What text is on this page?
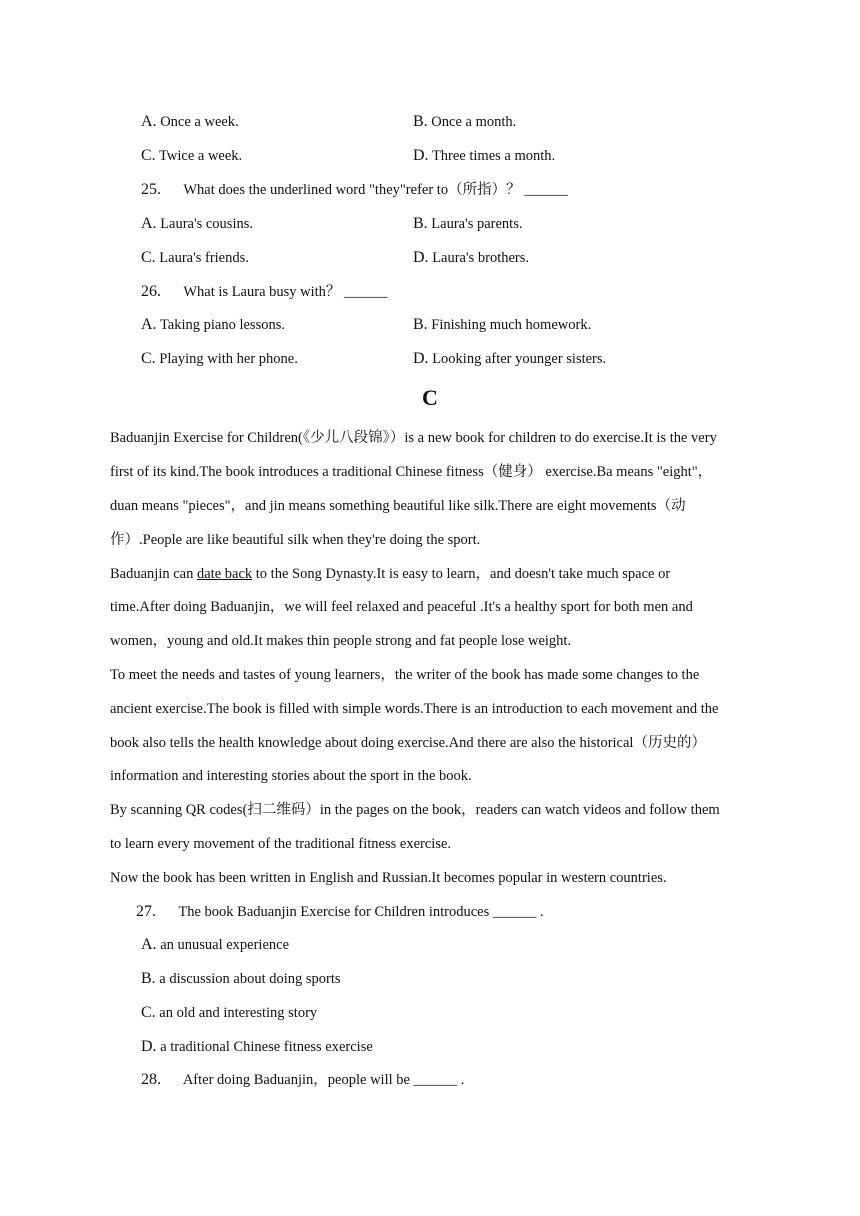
A. Once a week.	B. Once a month.
C. Twice a week.	D. Three times a month.
25. What does the underlined word "they"refer to（所指）？ ______
A. Laura's cousins.	B. Laura's parents.
C. Laura's friends.	D. Laura's brothers.
26. What is Laura busy with？ ______
A. Taking piano lessons.	B. Finishing much homework.
C. Playing with her phone.	D. Looking after younger sisters.
C
Baduanjin Exercise for Children(《少儿八段锦》）is a new book for children to do exercise.It is the very
first of its kind.The book introduces a traditional Chinese fitness（健身） exercise.Ba means "eight"，
duan means "pieces"，and jin means something beautiful like silk.There are eight movements（动
作）.People are like beautiful silk when they're doing the sport.
Baduanjin can date back to the Song Dynasty.It is easy to learn，and doesn't take much space or
time.After doing Baduanjin，we will feel relaxed and peaceful .It's a healthy sport for both men and
women，young and old.It makes thin people strong and fat people lose weight.
To meet the needs and tastes of young learners，the writer of the book has made some changes to the
ancient exercise.The book is filled with simple words.There is an introduction to each movement and the
book also tells the health knowledge about doing exercise.And there are also the historical（历史的）
information and interesting stories about the sport in the book.
By scanning QR codes(扫二维码）in the pages on the book，readers can watch videos and follow them
to learn every movement of the traditional fitness exercise.
Now the book has been written in English and Russian.It becomes popular in western countries.
27. The book Baduanjin Exercise for Children introduces ______ .
A. an unusual experience
B. a discussion about doing sports
C. an old and interesting story
D. a traditional Chinese fitness exercise
28. After doing Baduanjin，people will be ______ .
